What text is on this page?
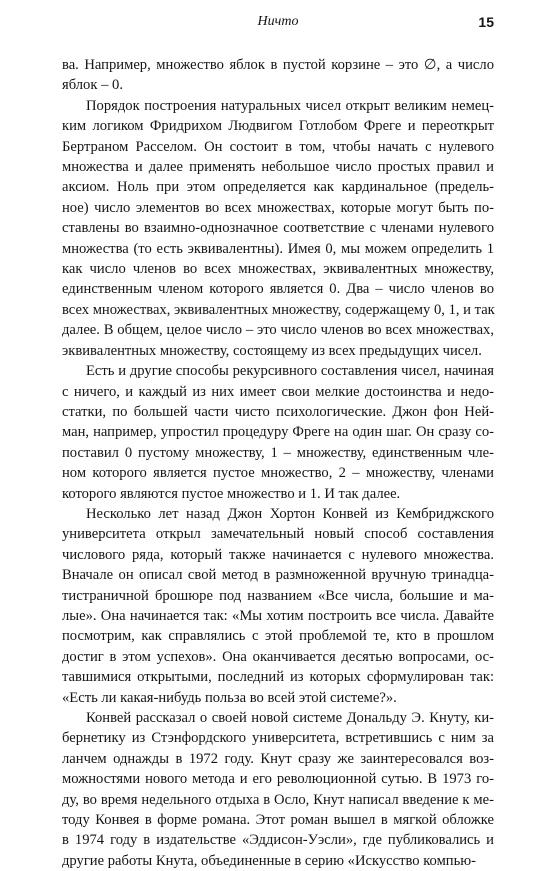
Ничто	15
ва. Например, множество яблок в пустой корзине – это ∅, а число
яблок – 0.
Порядок построения натуральных чисел открыт великим немец-
ким логиком Фридрихом Людвигом Готлобом Фреге и переоткрыт
Бертраном Расселом. Он состоит в том, чтобы начать с нулевого
множества и далее применять небольшое число простых правил и
аксиом. Ноль при этом определяется как кардинальное (предель-
ное) число элементов во всех множествах, которые могут быть по-
ставлены во взаимно-однозначное соответствие с членами нулевого
множества (то есть эквивалентны). Имея 0, мы можем определить 1
как число членов во всех множествах, эквивалентных множеству,
единственным членом которого является 0. Два – число членов во
всех множествах, эквивалентных множеству, содержащему 0, 1, и так
далее. В общем, целое число – это число членов во всех множествах,
эквивалентных множеству, состоящему из всех предыдущих чисел.
Есть и другие способы рекурсивного составления чисел, начиная
с ничего, и каждый из них имеет свои мелкие достоинства и недо-
статки, по большей части чисто психологические. Джон фон Ней-
ман, например, упростил процедуру Фреге на один шаг. Он сразу со-
поставил 0 пустому множеству, 1 – множеству, единственным чле-
ном которого является пустое множество, 2 – множеству, членами
которого являются пустое множество и 1. И так далее.
Несколько лет назад Джон Хортон Конвей из Кембриджского
университета открыл замечательный новый способ составления
числового ряда, который также начинается с нулевого множества.
Вначале он описал свой метод в размноженной вручную тринадца-
тистраничной брошюре под названием «Все числа, большие и ма-
лые». Она начинается так: «Мы хотим построить все числа. Давайте
посмотрим, как справлялись с этой проблемой те, кто в прошлом
достиг в этом успехов». Она оканчивается десятью вопросами, ос-
тавшимися открытыми, последний из которых сформулирован так:
«Есть ли какая-нибудь польза во всей этой системе?».
Конвей рассказал о своей новой системе Дональду Э. Кнуту, ки-
бернетику из Стэнфордского университета, встретившись с ним за
ланчем однажды в 1972 году. Кнут сразу же заинтересовался воз-
можностями нового метода и его революционной сутью. В 1973 го-
ду, во время недельного отдыха в Осло, Кнут написал введение к ме-
тоду Конвея в форме романа. Этот роман вышел в мягкой обложке
в 1974 году в издательстве «Эддисон-Уэсли», где публиковались и
другие работы Кнута, объединенные в серию «Искусство компью-
